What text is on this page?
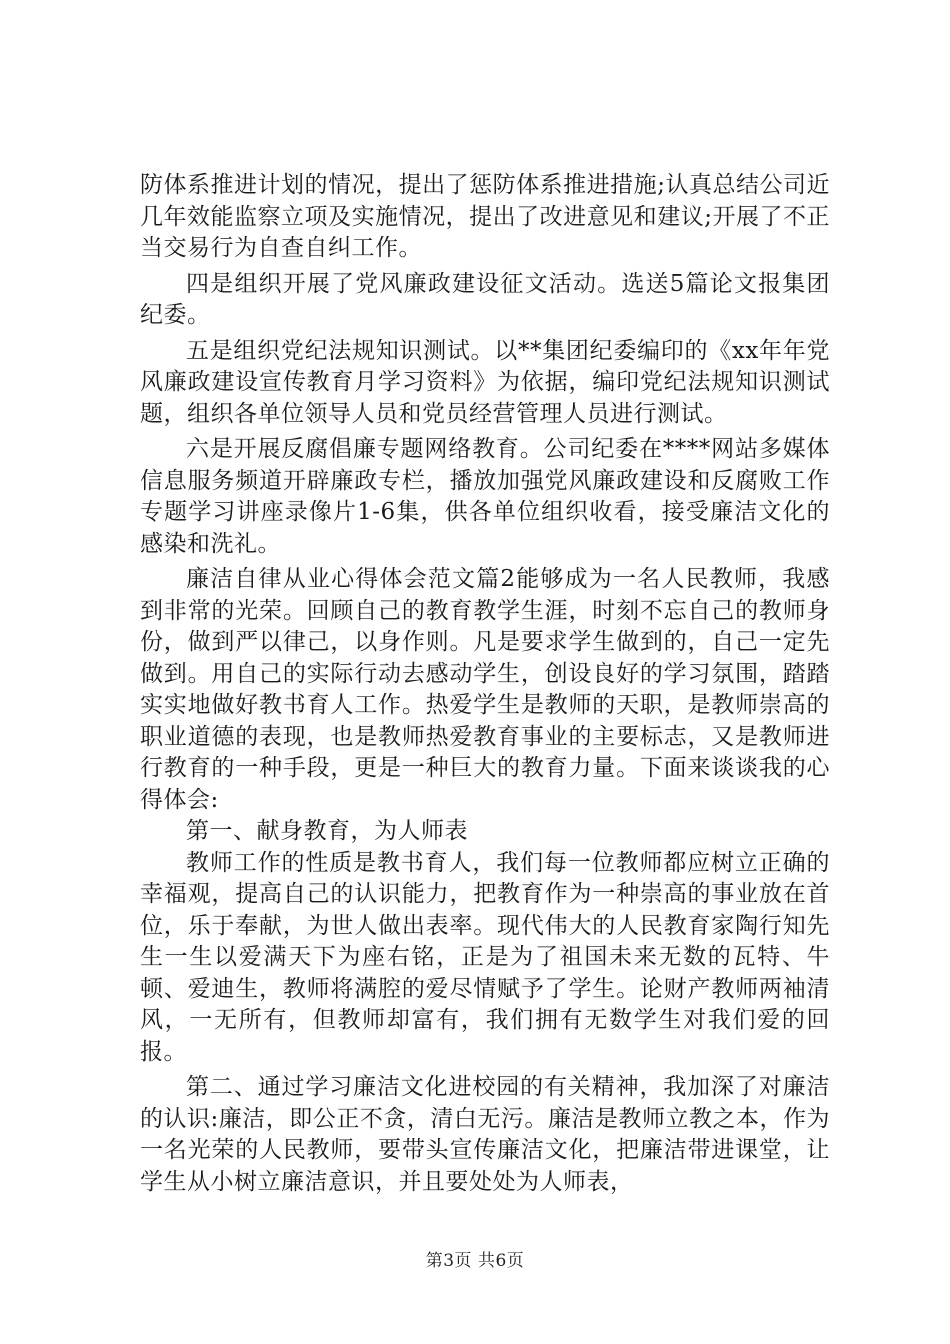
防体系推进计划的情况，提出了惩防体系推进措施;认真总结公司近几年效能监察立项及实施情况，提出了改进意见和建议;开展了不正当交易行为自查自纠工作。

四是组织开展了党风廉政建设征文活动。选送5篇论文报集团纪委。

五是组织党纪法规知识测试。以**集团纪委编印的《xx年年党风廉政建设宣传教育月学习资料》为依据，编印党纪法规知识测试题，组织各单位领导人员和党员经营管理人员进行测试。

六是开展反腐倡廉专题网络教育。公司纪委在****网站多媒体信息服务频道开辟廉政专栏，播放加强党风廉政建设和反腐败工作专题学习讲座录像片1-6集，供各单位组织收看，接受廉洁文化的感染和洗礼。

廉洁自律从业心得体会范文篇2能够成为一名人民教师，我感到非常的光荣。回顾自己的教育教学生涯，时刻不忘自己的教师身份，做到严以律己，以身作则。凡是要求学生做到的，自己一定先做到。用自己的实际行动去感动学生，创设良好的学习氛围，踏踏实实地做好教书育人工作。热爱学生是教师的天职，是教师崇高的职业道德的表现，也是教师热爱教育事业的主要标志，又是教师进行教育的一种手段，更是一种巨大的教育力量。下面来谈谈我的心得体会:

第一、献身教育，为人师表

教师工作的性质是教书育人，我们每一位教师都应树立正确的幸福观，提高自己的认识能力，把教育作为一种崇高的事业放在首位，乐于奉献，为世人做出表率。现代伟大的人民教育家陶行知先生一生以爱满天下为座右铭，正是为了祖国未来无数的瓦特、牛顿、爱迪生，教师将满腔的爱尽情赋予了学生。论财产教师两袖清风，一无所有，但教师却富有，我们拥有无数学生对我们爱的回报。

第二、通过学习廉洁文化进校园的有关精神，我加深了对廉洁的认识:廉洁，即公正不贪，清白无污。廉洁是教师立教之本，作为一名光荣的人民教师，要带头宣传廉洁文化，把廉洁带进课堂，让学生从小树立廉洁意识，并且要处处为人师表，

第3页 共6页
